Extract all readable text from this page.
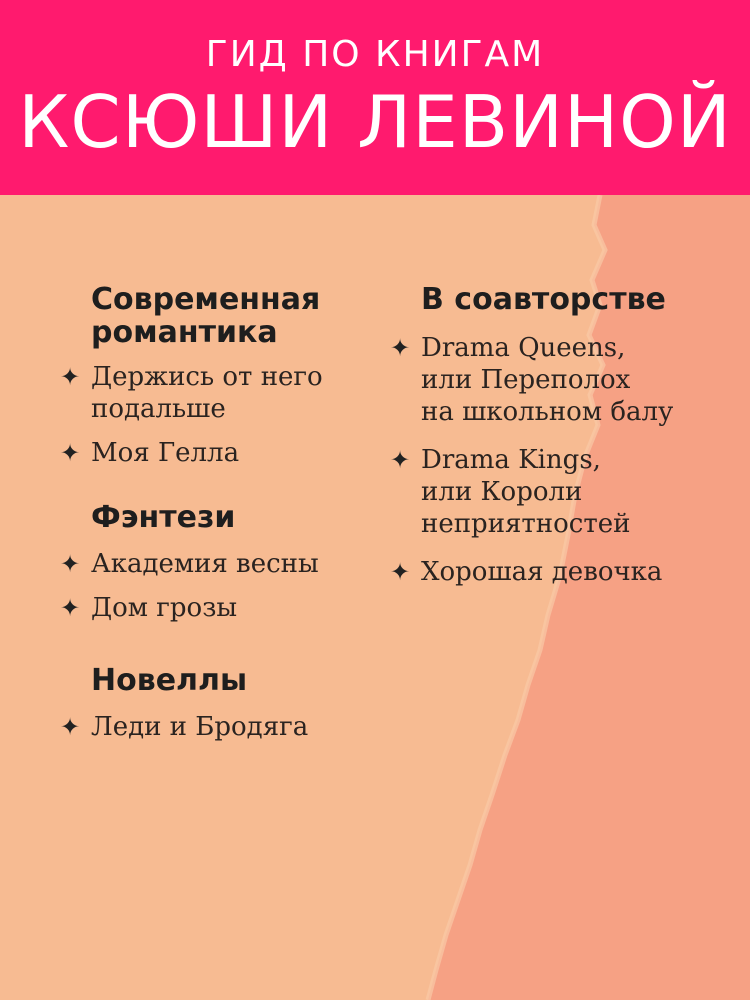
ГИД ПО КНИГАМ
КСЮШИ ЛЕВИНОЙ
Современная
романтика
✦ Держись от него
подальше
✦ Моя Гелла
Фэнтези
✦ Академия весны
✦ Дом грозы
Новеллы
✦ Леди и Бродяга
В соавторстве
✦ Drama Queens,
или Переполох
на школьном балу
✦ Drama Kings,
или Короли
неприятностей
✦ Хорошая девочка
